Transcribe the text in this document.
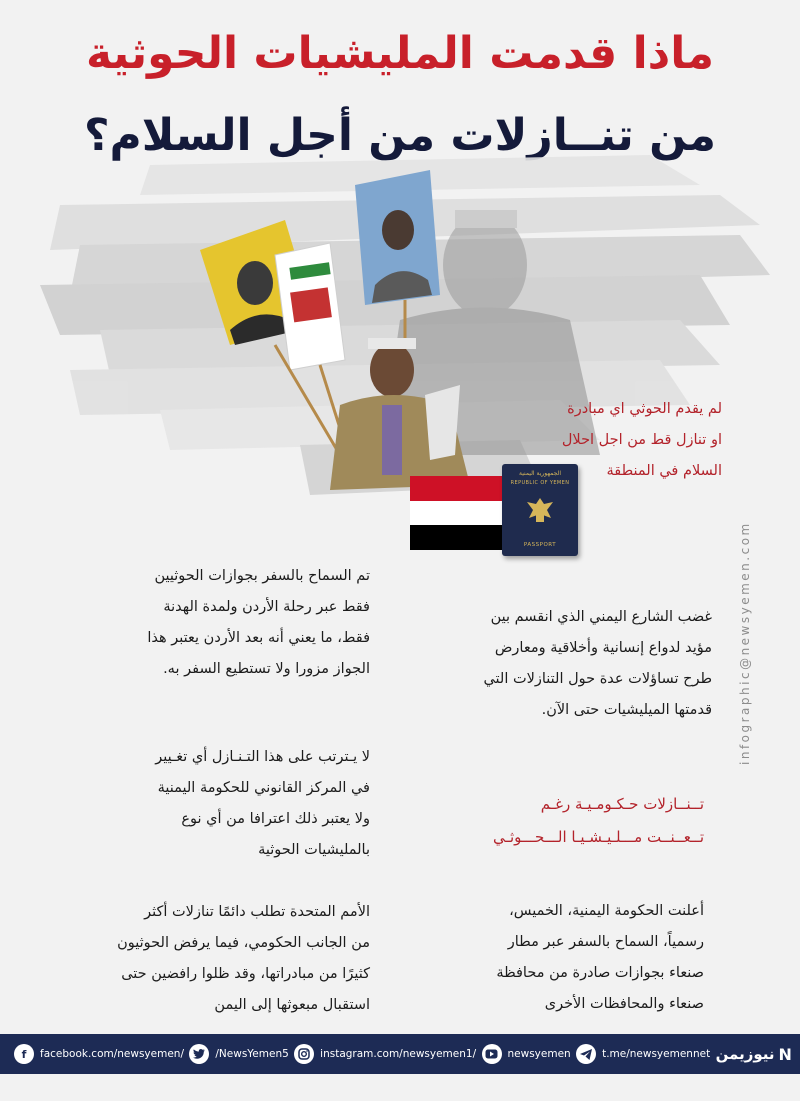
ماذا قدمت المليشيات الحوثية
من تنــازلات من أجل السلام؟
الجمهورية اليمنية
REPUBLIC OF YEMEN
PASSPORT
لم يقدم الحوثي اي مبادرة
او تنازل قط من اجل احلال
السلام في المنطقة
تم السماح بالسفر بجوازات الحوثيين
فقط عبر رحلة الأردن ولمدة الهدنة
فقط، ما يعني أنه بعد الأردن يعتبر هذا
الجواز مزورا ولا تستطيع السفر به.
غضب الشارع اليمني الذي انقسم بين
مؤيد لدواع إنسانية وأخلاقية ومعارض
طرح تساؤلات عدة حول التنازلات التي
قدمتها الميليشيات حتى الآن.
لا يـترتب على هذا التـنـازل أي تغـيير
في المركز القانوني للحكومة اليمنية
ولا يعتبر ذلك اعترافا من أي نوع
بالمليشيات الحوثية
تــنــازلات حـكـومـيـة رغـم
تــعــنــت مـــلـيـشـيـا الـــحـــوثـي
الأمم المتحدة تطلب دائمًا تنازلات أكثر
من الجانب الحكومي، فيما يرفض الحوثيون
كثيرًا من مبادراتها، وقد ظلوا رافضين حتى
استقبال مبعوثها إلى اليمن
أعلنت الحكومة اليمنية، الخميس،
رسمياً، السماح بالسفر عبر مطار
صنعاء بجوازات صادرة من محافظة
صنعاء والمحافظات الأخرى
infographic@newsyemen.com
f	facebook.com/newsyemen/	/NewsYemen5	instagram.com/newsyemen1/	newsyemen	t.me/newsyemennet	N
نيوزيمن
